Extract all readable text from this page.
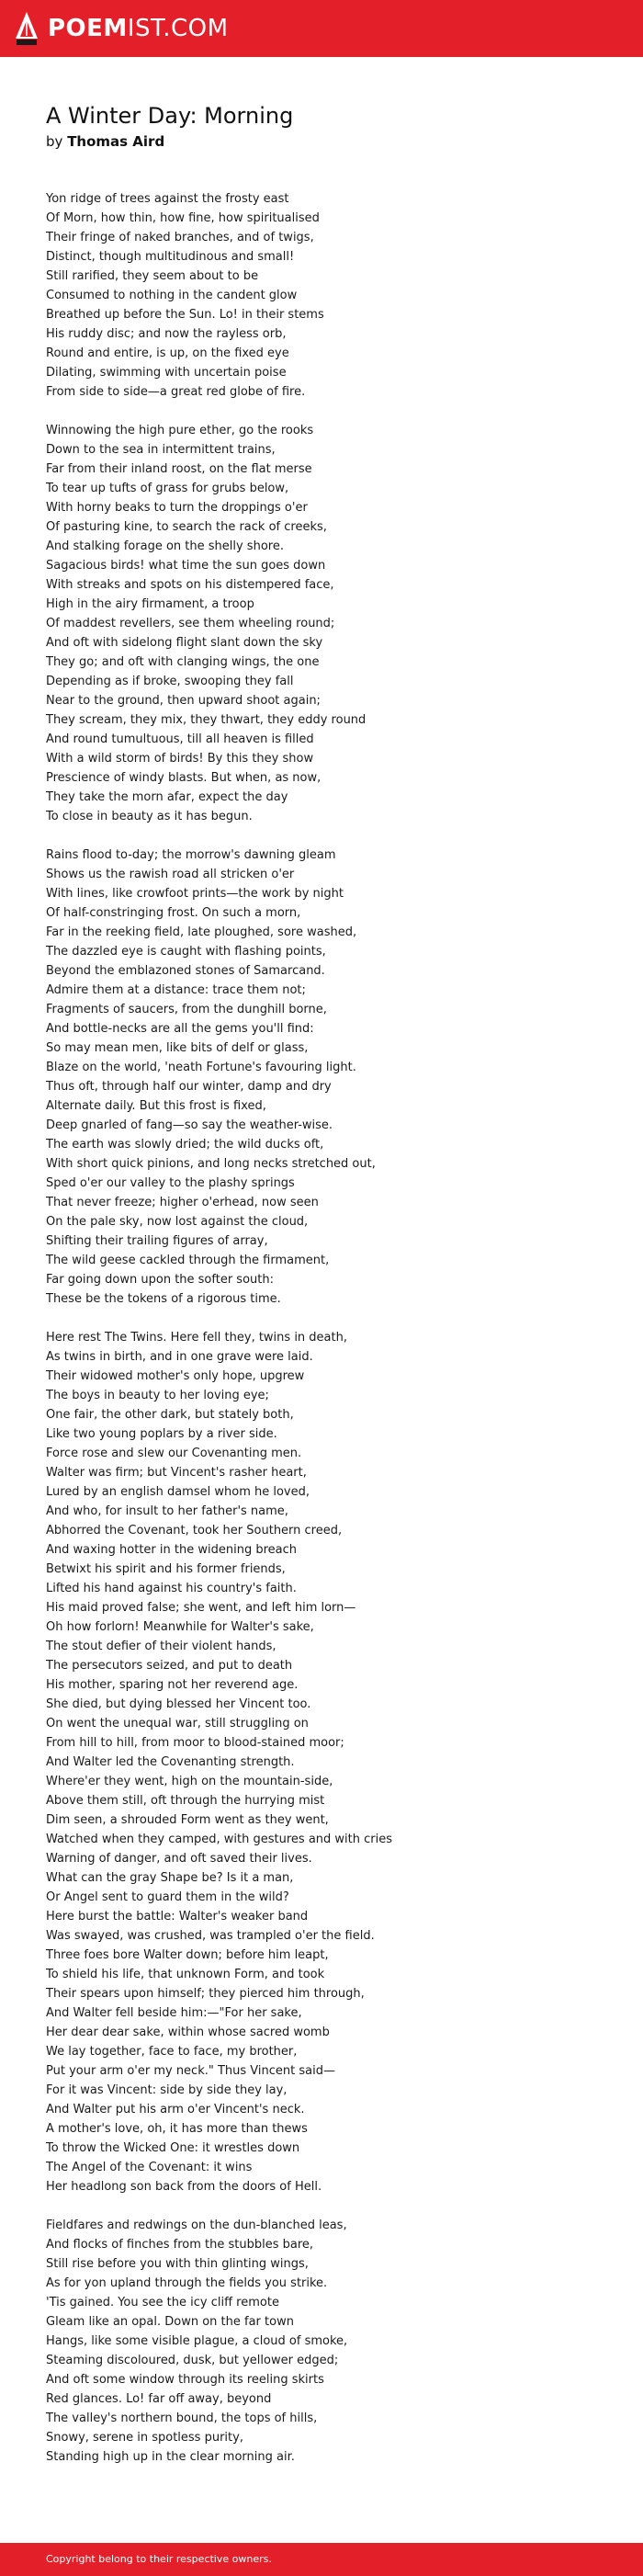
POEMIST.COM
A Winter Day: Morning
by Thomas Aird
Yon ridge of trees against the frosty east
Of Morn, how thin, how fine, how spiritualised
Their fringe of naked branches, and of twigs,
Distinct, though multitudinous and small!
Still rarified, they seem about to be
Consumed to nothing in the candent glow
Breathed up before the Sun. Lo! in their stems
His ruddy disc; and now the rayless orb,
Round and entire, is up, on the fixed eye
Dilating, swimming with uncertain poise
From side to side—a great red globe of fire.
Winnowing the high pure ether, go the rooks
Down to the sea in intermittent trains,
Far from their inland roost, on the flat merse
To tear up tufts of grass for grubs below,
With horny beaks to turn the droppings o'er
Of pasturing kine, to search the rack of creeks,
And stalking forage on the shelly shore.
Sagacious birds! what time the sun goes down
With streaks and spots on his distempered face,
High in the airy firmament, a troop
Of maddest revellers, see them wheeling round;
And oft with sidelong flight slant down the sky
They go; and oft with clanging wings, the one
Depending as if broke, swooping they fall
Near to the ground, then upward shoot again;
They scream, they mix, they thwart, they eddy round
And round tumultuous, till all heaven is filled
With a wild storm of birds! By this they show
Prescience of windy blasts. But when, as now,
They take the morn afar, expect the day
To close in beauty as it has begun.
Rains flood to-day; the morrow's dawning gleam
Shows us the rawish road all stricken o'er
With lines, like crowfoot prints—the work by night
Of half-constringing frost. On such a morn,
Far in the reeking field, late ploughed, sore washed,
The dazzled eye is caught with flashing points,
Beyond the emblazoned stones of Samarcand.
Admire them at a distance: trace them not;
Fragments of saucers, from the dunghill borne,
And bottle-necks are all the gems you'll find:
So may mean men, like bits of delf or glass,
Blaze on the world, 'neath Fortune's favouring light.
Thus oft, through half our winter, damp and dry
Alternate daily. But this frost is fixed,
Deep gnarled of fang—so say the weather-wise.
The earth was slowly dried; the wild ducks oft,
With short quick pinions, and long necks stretched out,
Sped o'er our valley to the plashy springs
That never freeze; higher o'erhead, now seen
On the pale sky, now lost against the cloud,
Shifting their trailing figures of array,
The wild geese cackled through the firmament,
Far going down upon the softer south:
These be the tokens of a rigorous time.
Here rest The Twins. Here fell they, twins in death,
As twins in birth, and in one grave were laid.
Their widowed mother's only hope, upgrew
The boys in beauty to her loving eye;
One fair, the other dark, but stately both,
Like two young poplars by a river side.
Force rose and slew our Covenanting men.
Walter was firm; but Vincent's rasher heart,
Lured by an english damsel whom he loved,
And who, for insult to her father's name,
Abhorred the Covenant, took her Southern creed,
And waxing hotter in the widening breach
Betwixt his spirit and his former friends,
Lifted his hand against his country's faith.
His maid proved false; she went, and left him lorn—
Oh how forlorn! Meanwhile for Walter's sake,
The stout defier of their violent hands,
The persecutors seized, and put to death
His mother, sparing not her reverend age.
She died, but dying blessed her Vincent too.
On went the unequal war, still struggling on
From hill to hill, from moor to blood-stained moor;
And Walter led the Covenanting strength.
Where'er they went, high on the mountain-side,
Above them still, oft through the hurrying mist
Dim seen, a shrouded Form went as they went,
Watched when they camped, with gestures and with cries
Warning of danger, and oft saved their lives.
What can the gray Shape be? Is it a man,
Or Angel sent to guard them in the wild?
Here burst the battle: Walter's weaker band
Was swayed, was crushed, was trampled o'er the field.
Three foes bore Walter down; before him leapt,
To shield his life, that unknown Form, and took
Their spears upon himself; they pierced him through,
And Walter fell beside him:—"For her sake,
Her dear dear sake, within whose sacred womb
We lay together, face to face, my brother,
Put your arm o'er my neck." Thus Vincent said—
For it was Vincent: side by side they lay,
And Walter put his arm o'er Vincent's neck.
A mother's love, oh, it has more than thews
To throw the Wicked One: it wrestles down
The Angel of the Covenant: it wins
Her headlong son back from the doors of Hell.
Fieldfares and redwings on the dun-blanched leas,
And flocks of finches from the stubbles bare,
Still rise before you with thin glinting wings,
As for yon upland through the fields you strike.
'Tis gained. You see the icy cliff remote
Gleam like an opal. Down on the far town
Hangs, like some visible plague, a cloud of smoke,
Steaming discoloured, dusk, but yellower edged;
And oft some window through its reeling skirts
Red glances. Lo! far off away, beyond
The valley's northern bound, the tops of hills,
Snowy, serene in spotless purity,
Standing high up in the clear morning air.
Copyright belong to their respective owners.
